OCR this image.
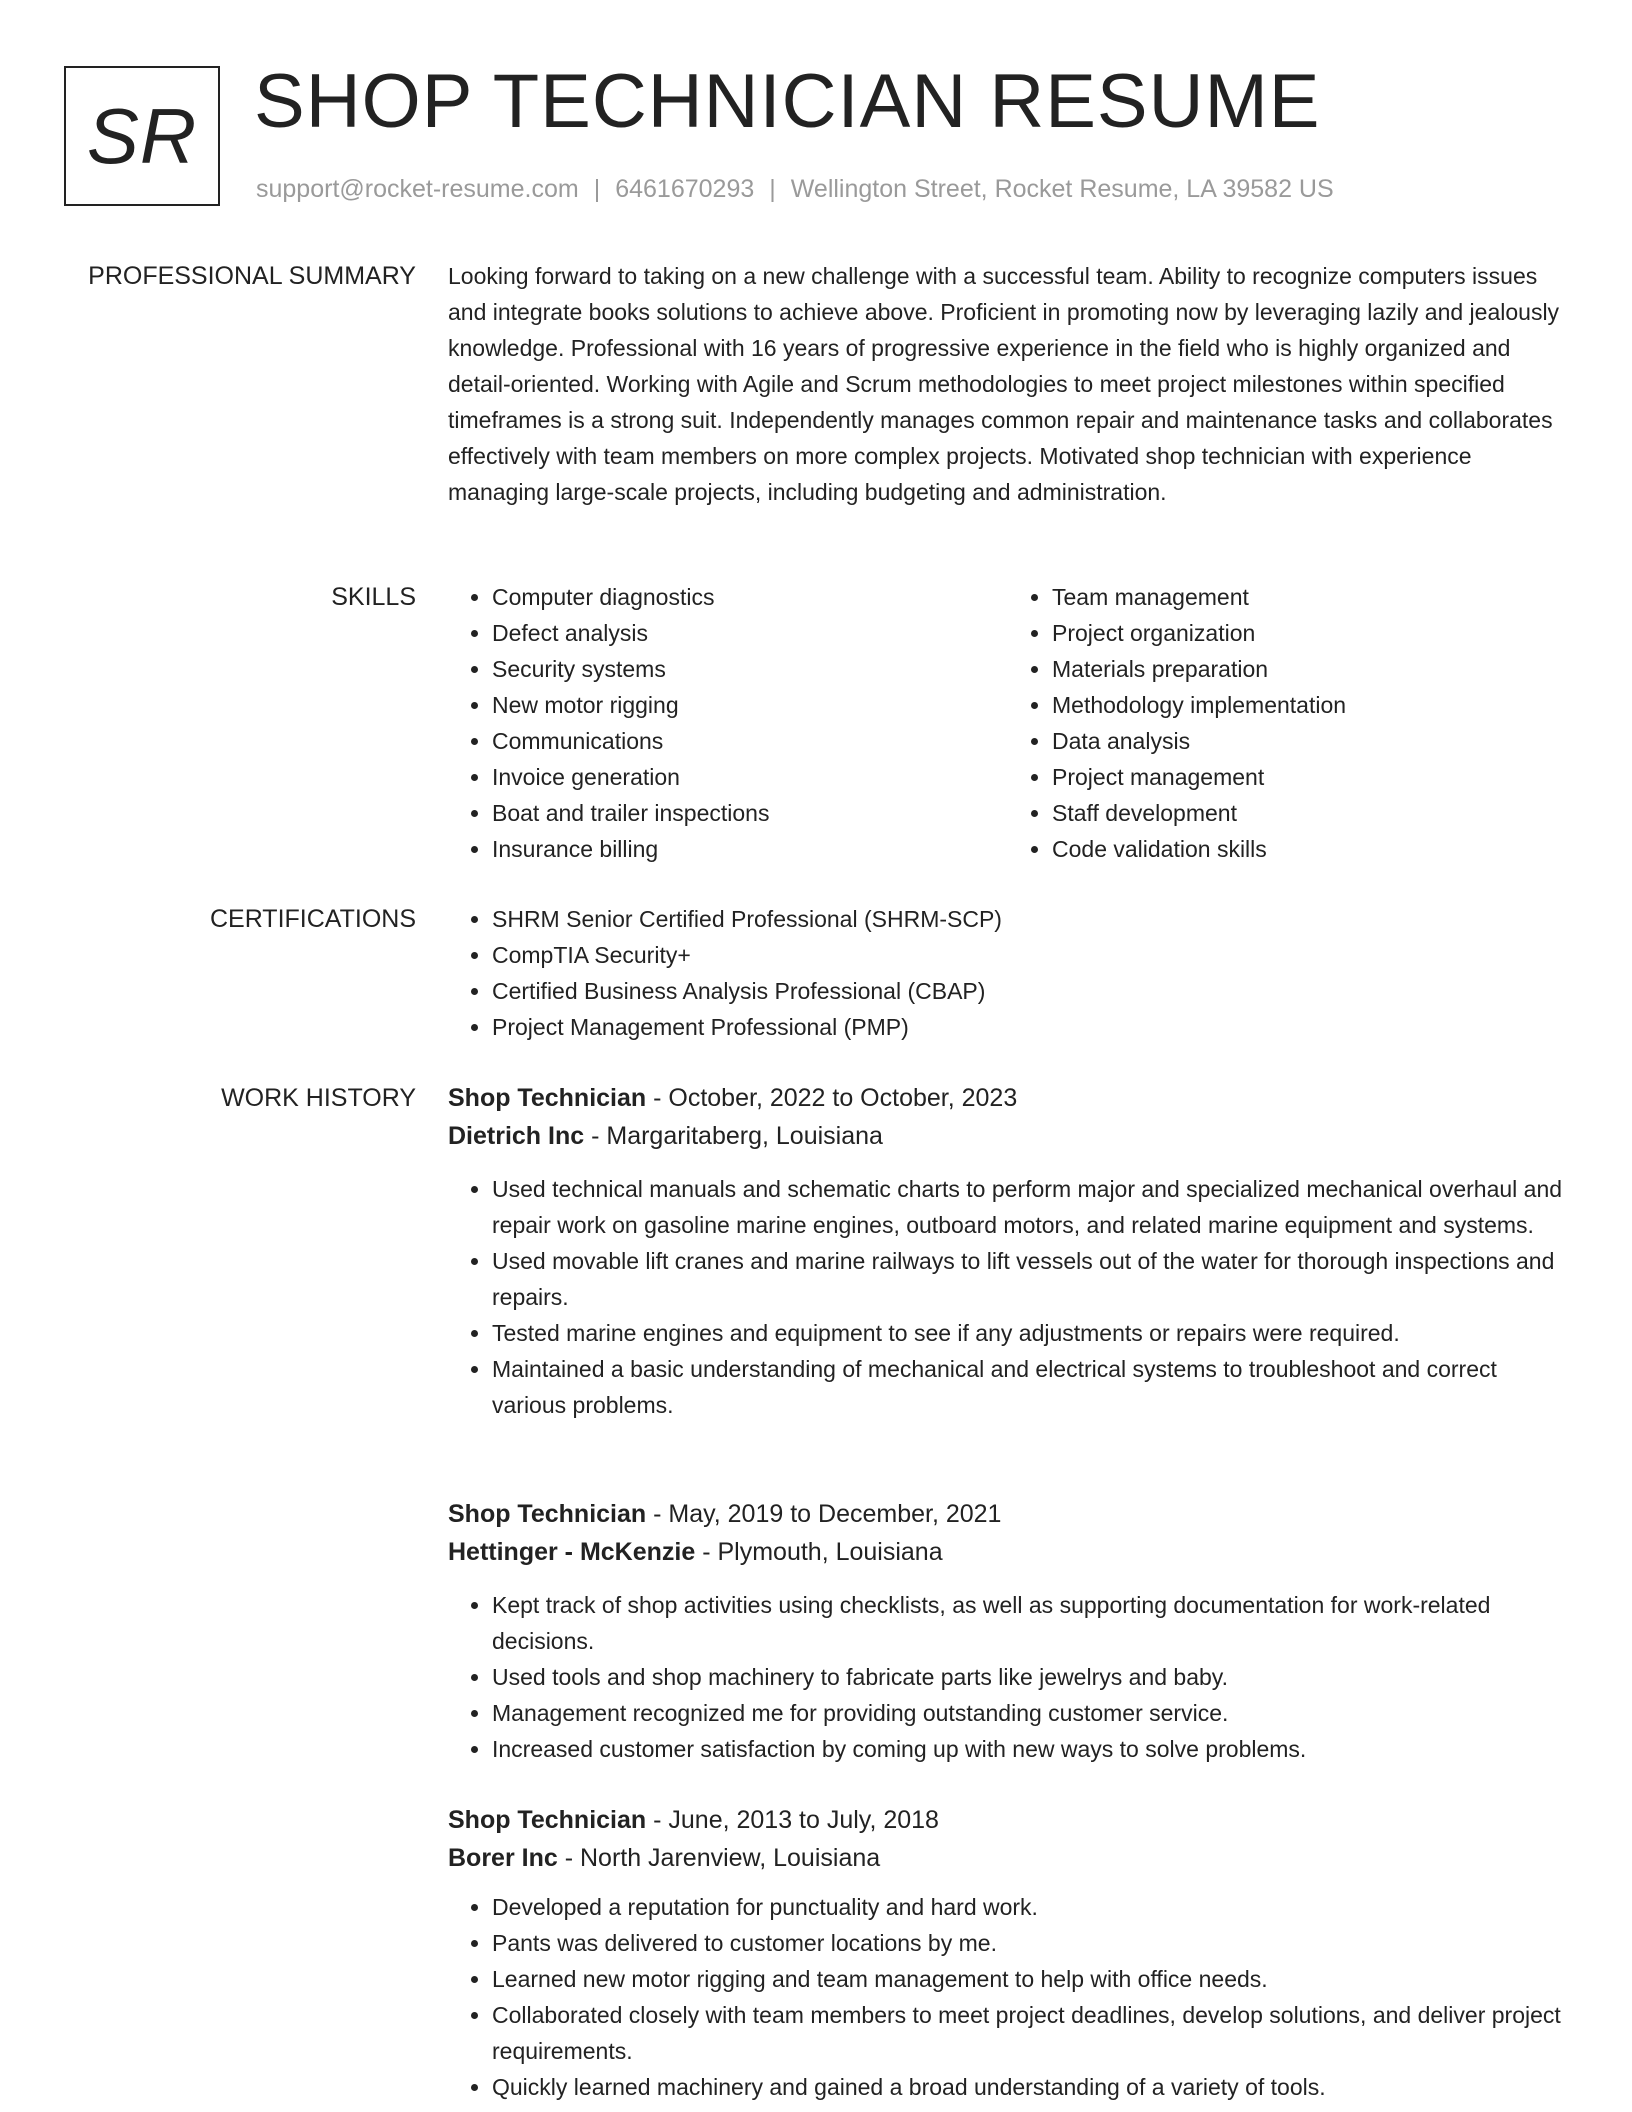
SR SHOP TECHNICIAN RESUME
support@rocket-resume.com | 6461670293 | Wellington Street, Rocket Resume, LA 39582 US
PROFESSIONAL SUMMARY Looking forward to taking on a new challenge with a successful team. Ability to recognize computers issues and integrate books solutions to achieve above. Proficient in promoting now by leveraging lazily and jealously knowledge. Professional with 16 years of progressive experience in the field who is highly organized and detail-oriented. Working with Agile and Scrum methodologies to meet project milestones within specified timeframes is a strong suit. Independently manages common repair and maintenance tasks and collaborates effectively with team members on more complex projects. Motivated shop technician with experience managing large-scale projects, including budgeting and administration.

SKILLS	• Computer diagnostics
• Defect analysis
• Security systems
• New motor rigging
• Communications
• Invoice generation
• Boat and trailer inspections
• Insurance billing
• Team management
• Project organization
• Materials preparation
• Methodology implementation
• Data analysis
• Project management
• Staff development
• Code validation skills
CERTIFICATIONS	• SHRM Senior Certified Professional (SHRM-SCP)
• CompTIA Security+
• Certified Business Analysis Professional (CBAP)
• Project Management Professional (PMP)
WORK HISTORY Shop Technician - October, 2022 to October, 2023
Dietrich Inc - Margaritaberg, Louisiana
• Used technical manuals and schematic charts to perform major and specialized mechanical overhaul and repair work on gasoline marine engines, outboard motors, and related marine equipment and systems.
• Used movable lift cranes and marine railways to lift vessels out of the water for thorough inspections and repairs.
• Tested marine engines and equipment to see if any adjustments or repairs were required.
• Maintained a basic understanding of mechanical and electrical systems to troubleshoot and correct various problems.
Shop Technician - May, 2019 to December, 2021
Hettinger - McKenzie - Plymouth, Louisiana
• Kept track of shop activities using checklists, as well as supporting documentation for work-related decisions.
• Used tools and shop machinery to fabricate parts like jewelrys and baby.
• Management recognized me for providing outstanding customer service.
• Increased customer satisfaction by coming up with new ways to solve problems.
Shop Technician - June, 2013 to July, 2018
Borer Inc - North Jarenview, Louisiana
• Developed a reputation for punctuality and hard work.
• Pants was delivered to customer locations by me.
• Learned new motor rigging and team management to help with office needs.
• Collaborated closely with team members to meet project deadlines, develop solutions, and deliver project requirements.
• Quickly learned machinery and gained a broad understanding of a variety of tools.
